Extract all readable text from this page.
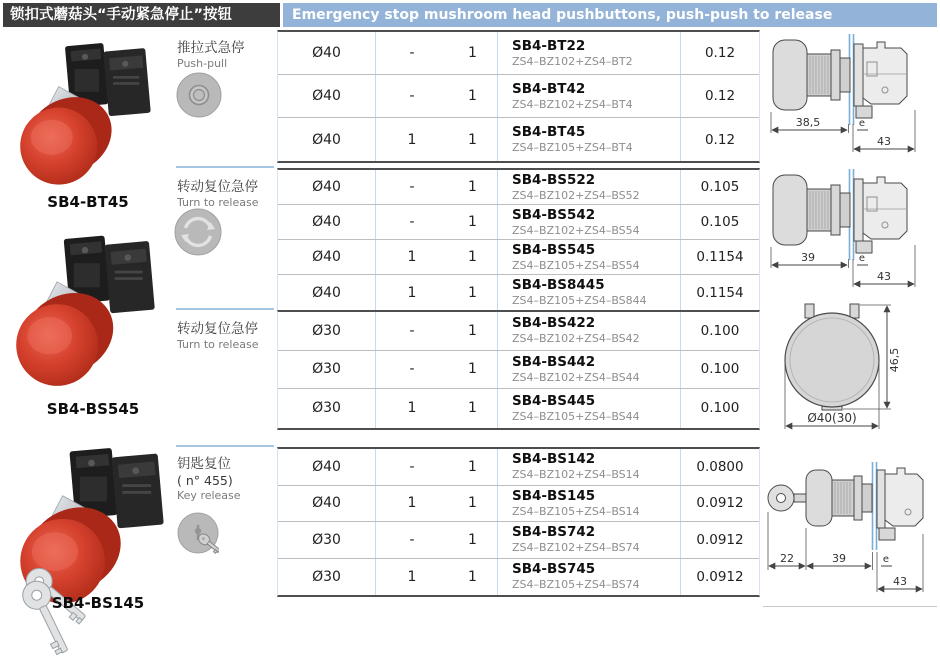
锁扣式蘑菇头“手动紧急停止”按钮	Emergency stop mushroom head pushbuttons, push-push to release
SB4-BT45
SB4-BS545
SB4-BS145
推拉式急停
Push-pull
转动复位急停
Turn to release
转动复位急停
Turn to release
钥匙复位
( n° 455)
Key release
Ø40	-	1	SB4-BT22
ZS4–BZ102+ZS4–BT2
0.12
Ø40	-	1	SB4-BT42
ZS4–BZ102+ZS4–BT4
0.12
Ø40	1	1	SB4-BT45
ZS4–BZ105+ZS4–BT4
0.12
Ø40	-	1	SB4-BS522
ZS4–BZ102+ZS4–BS52
0.105
Ø40	-	1	SB4-BS542
ZS4–BZ102+ZS4–BS54
0.105
Ø40	1	1	SB4-BS545
ZS4–BZ105+ZS4–BS54
0.1154
Ø40	1	1	SB4-BS8445
ZS4–BZ105+ZS4–BS844
0.1154
Ø30	-	1	SB4-BS422
ZS4–BZ102+ZS4–BS42
0.100
Ø30	-	1	SB4-BS442
ZS4–BZ102+ZS4–BS44
0.100
Ø30	1	1	SB4-BS445
ZS4–BZ105+ZS4–BS44
0.100
Ø40	-	1	SB4-BS142
ZS4–BZ102+ZS4–BS14
0.0800
Ø40	1	1	SB4-BS145
ZS4–BZ105+ZS4–BS14
0.0912
Ø30	-	1	SB4-BS742
ZS4–BZ102+ZS4–BS74
0.0912
Ø30	1	1	SB4-BS745
ZS4–BZ105+ZS4–BS74
0.0912
38,5	e
43
39	e
43
46,5
Ø40(30)
22	39	e
43
